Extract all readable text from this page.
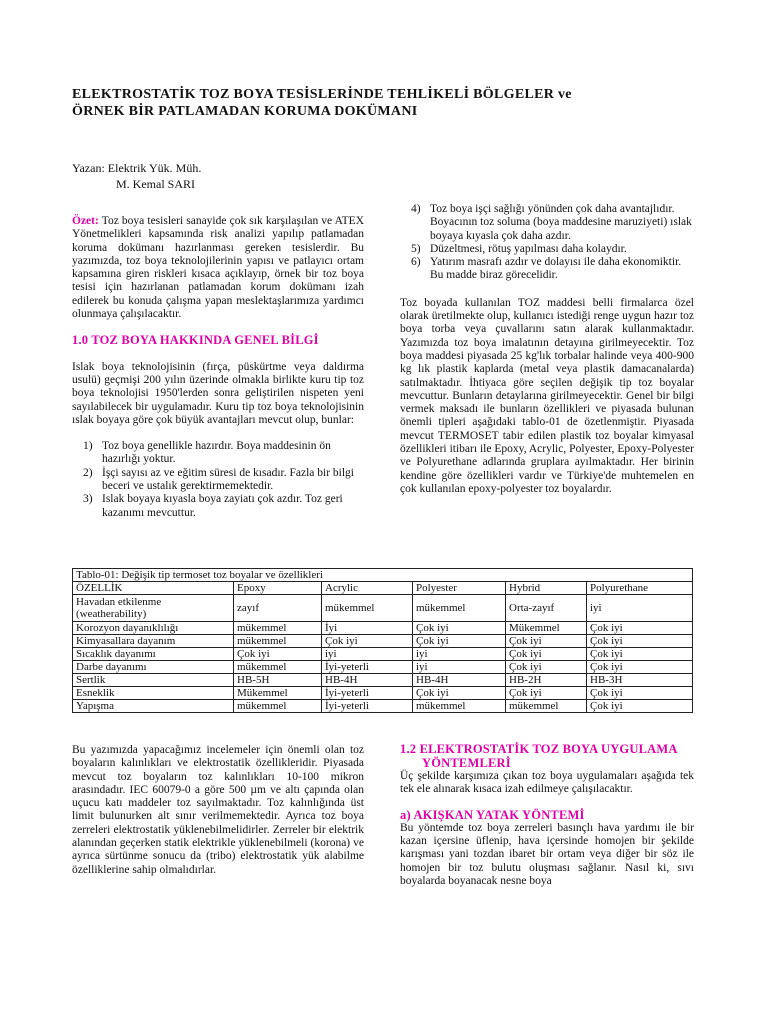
ELEKTROSTATİK TOZ BOYA TESİSLERİNDE TEHLİKELİ BÖLGELER ve
ÖRNEK BİR PATLAMADAN KORUMA DOKÜMANI
Yazan: Elektrik Yük. Müh.
M. Kemal SARI

Özet: Toz boya tesisleri sanayide çok sık karşılaşılan ve ATEX Yönetmelikleri kapsamında risk analizi yapılıp patlamadan koruma dokümanı hazırlanması gereken tesislerdir. Bu yazımızda, toz boya teknolojilerinin yapısı ve patlayıcı ortam kapsamına giren riskleri kısaca açıklayıp, örnek bir toz boya tesisi için hazırlanan patlamadan korum dokümanı izah edilerek bu konuda çalışma yapan meslektaşlarımıza yardımcı olunmaya çalışılacaktır.

1.0 TOZ BOYA HAKKINDA GENEL BİLGİ

Islak boya teknolojisinin (fırça, püskürtme veya daldırma usulü) geçmişi 200 yılın üzerinde olmakla birlikte kuru tip toz boya teknolojisi 1950'lerden sonra geliştirilen nispeten yeni sayılabilecek bir uygulamadır. Kuru tip toz boya teknolojisinin ıslak boyaya göre çok büyük avantajları mevcut olup, bunlar:

1) Toz boya genellikle hazırdır. Boya maddesinin ön hazırlığı yoktur.
2) İşçi sayısı az ve eğitim süresi de kısadır. Fazla bir bilgi beceri ve ustalık gerektirmemektedir.
3) Islak boyaya kıyasla boya zayiatı çok azdır. Toz geri kazanımı mevcuttur.
4) Toz boya işçi sağlığı yönünden çok daha avantajlıdır. Boyacının toz soluma (boya maddesine maruziyeti) ıslak boyaya kıyasla çok daha azdır.
5) Düzeltmesi, rötuş yapılması daha kolaydır.
6) Yatırım masrafı azdır ve dolayısı ile daha ekonomiktir. Bu madde biraz görecelidir.

Toz boyada kullanılan TOZ maddesi belli firmalarca özel olarak üretilmekte olup, kullanıcı istediği renge uygun hazır toz boya torba veya çuvallarını satın alarak kullanmaktadır. Yazımızda toz boya imalatının detayına girilmeyecektir. Toz boya maddesi piyasada 25 kg'lık torbalar halinde veya 400-900 kg lık plastik kaplarda (metal veya plastik damacanalarda) satılmaktadır. İhtiyaca göre seçilen değişik tip toz boyalar mevcuttur. Bunların detaylarına girilmeyecektir. Genel bir bilgi vermek maksadı ile bunların özellikleri ve piyasada bulunan önemli tipleri aşağıdaki tablo-01 de özetlenmiştir. Piyasada mevcut TERMOSET tabir edilen plastik toz boyalar kimyasal özellikleri itibarı ile Epoxy, Acrylic, Polyester, Epoxy-Polyester ve Polyurethane adlarında gruplara ayılmaktadır. Her birinin kendine göre özellikleri vardır ve Türkiye'de muhtemelen en çok kullanılan epoxy-polyester toz boyalardır.

Tablo-01: Değişik tip termoset toz boyalar ve özellikleri					
ÖZELLİK	Epoxy	Acrylic	Polyester	Hybrid	Polyurethane
Havadan etkilenme (weatherability)	zayıf	mükemmel	mükemmel	Orta-zayıf	iyi
Korozyon dayanıklılığı	mükemmel	İyi	Çok iyi	Mükemmel	Çok iyi
Kimyasallara dayanım	mükemmel	Çok iyi	Çok iyi	Çok iyi	Çok iyi
Sıcaklık dayanımı	Çok iyi	iyi	iyi	Çok iyi	Çok iyi
Darbe dayanımı	mükemmel	İyi-yeterli	iyi	Çok iyi	Çok iyi
Sertlik	HB-5H	HB-4H	HB-4H	HB-2H	HB-3H
Esneklik	Mükemmel	İyi-yeterli	Çok iyi	Çok iyi	Çok iyi
Yapışma	mükemmel	İyi-yeterli	mükemmel	mükemmel	Çok iyi

Bu yazımızda yapacağımız incelemeler için önemli olan toz boyaların kalınlıkları ve elektrostatik özellikleridir. Piyasada mevcut toz boyaların toz kalınlıkları 10-100 mikron arasındadır. IEC 60079-0 a göre 500 µm ve altı çapında olan uçucu katı maddeler toz sayılmaktadır. Toz kalınlığında üst limit bulunurken alt sınır verilmemektedir. Ayrıca toz boya zerreleri elektrostatik yüklenebilmelidirler. Zerreler bir elektrik alanından geçerken statik elektrikle yüklenebilmeli (korona) ve ayrıca sürtünme sonucu da (tribo) elektrostatik yük alabilme özelliklerine sahip olmalıdırlar.

1.2 ELEKTROSTATİK TOZ BOYA UYGULAMA
YÖNTEMLERİ

Üç şekilde karşımıza çıkan toz boya uygulamaları aşağıda tek tek ele alınarak kısaca izah edilmeye çalışılacaktır.

a) AKIŞKAN YATAK YÖNTEMİ

Bu yöntemde toz boya zerreleri basınçlı hava yardımı ile bir kazan içersine üflenip, hava içersinde homojen bir şekilde karışması yani tozdan ibaret bir ortam veya diğer bir söz ile homojen bir toz bulutu oluşması sağlanır. Nasıl ki, sıvı boyalarda boyanacak nesne boya
